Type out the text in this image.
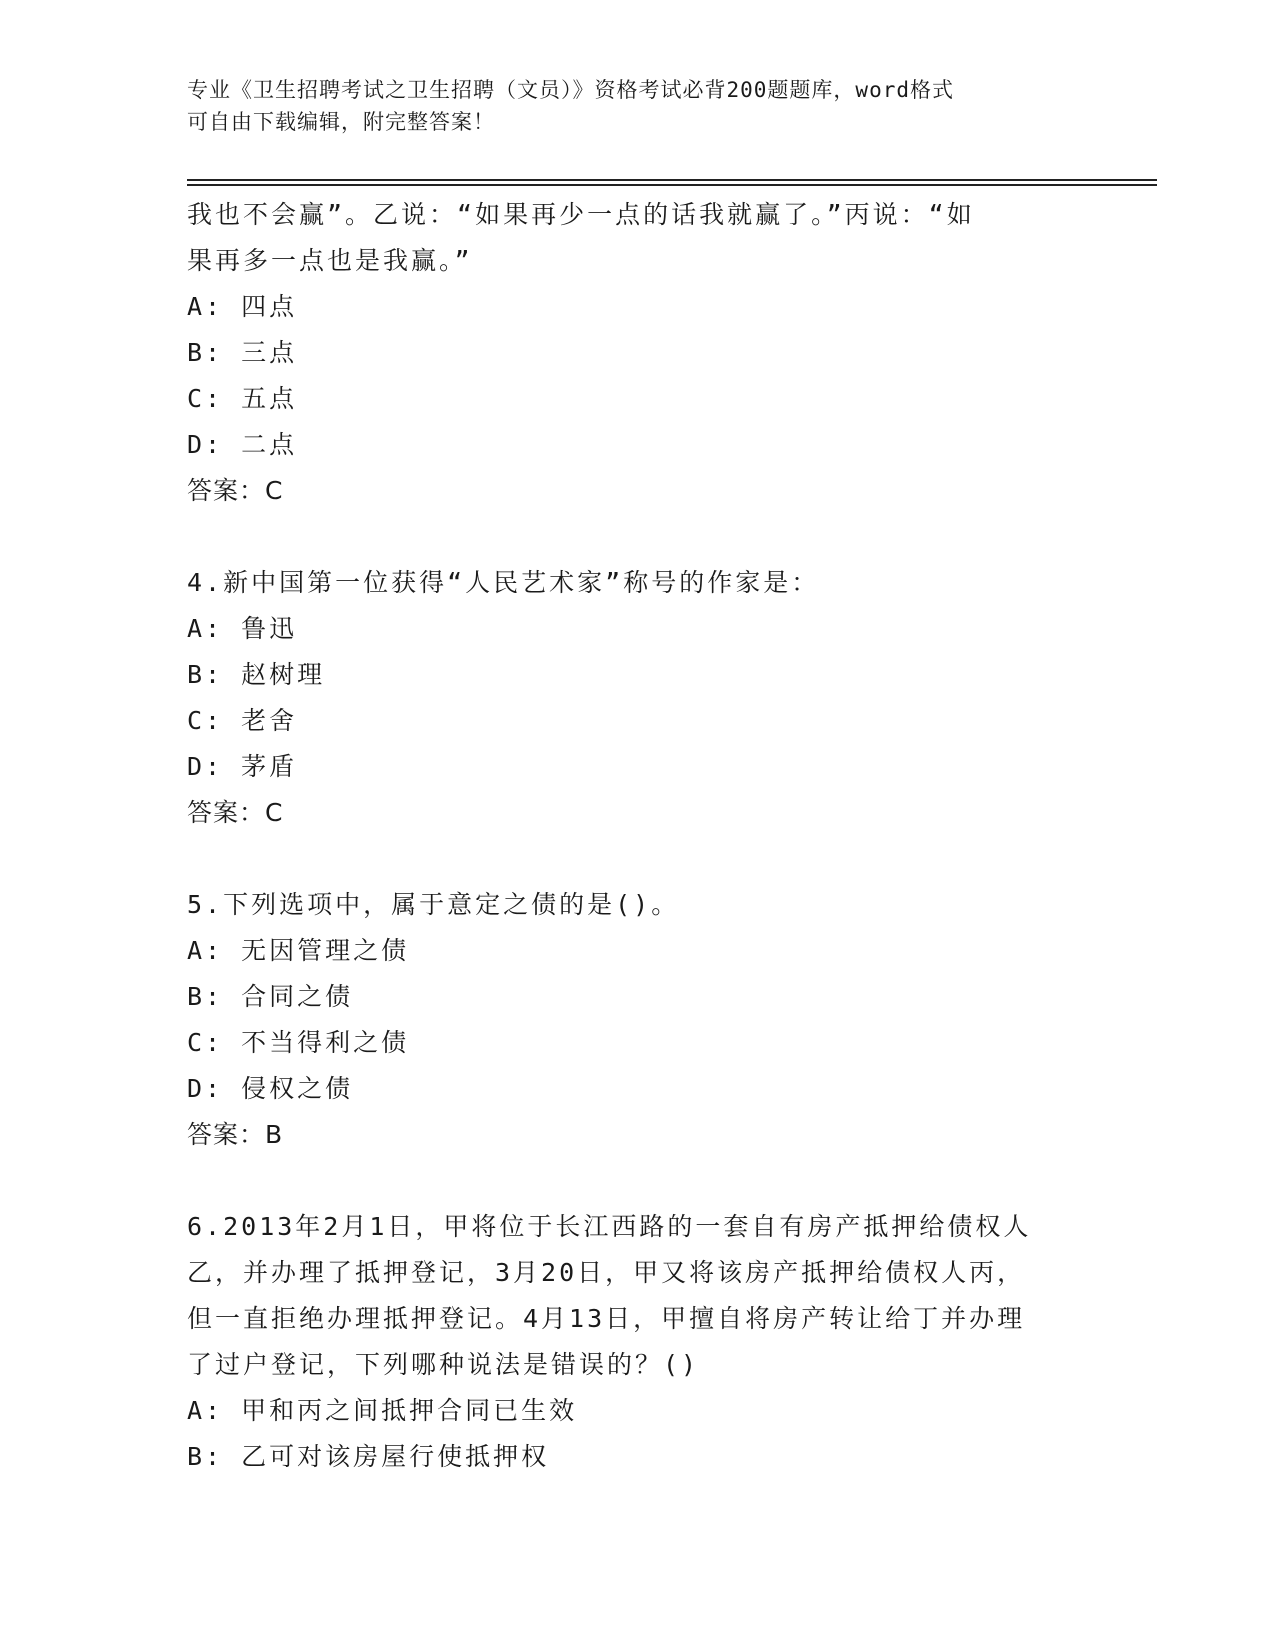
专业《卫生招聘考试之卫生招聘（文员）》资格考试必背200题题库，word格式
可自由下载编辑，附完整答案！
我也不会赢”。乙说：“如果再少一点的话我就赢了。”丙说：“如
果再多一点也是我赢。”
A: 四点
B: 三点
C: 五点
D: 二点
答案：C
4.新中国第一位获得“人民艺术家”称号的作家是：
A: 鲁迅
B: 赵树理
C: 老舍
D: 茅盾
答案：C
5.下列选项中，属于意定之债的是()。
A: 无因管理之债
B: 合同之债
C: 不当得利之债
D: 侵权之债
答案：B
6.2013年2月1日，甲将位于长江西路的一套自有房产抵押给债权人
乙，并办理了抵押登记，3月20日，甲又将该房产抵押给债权人丙，
但一直拒绝办理抵押登记。4月13日，甲擅自将房产转让给丁并办理
了过户登记，下列哪种说法是错误的？()
A: 甲和丙之间抵押合同已生效
B: 乙可对该房屋行使抵押权
